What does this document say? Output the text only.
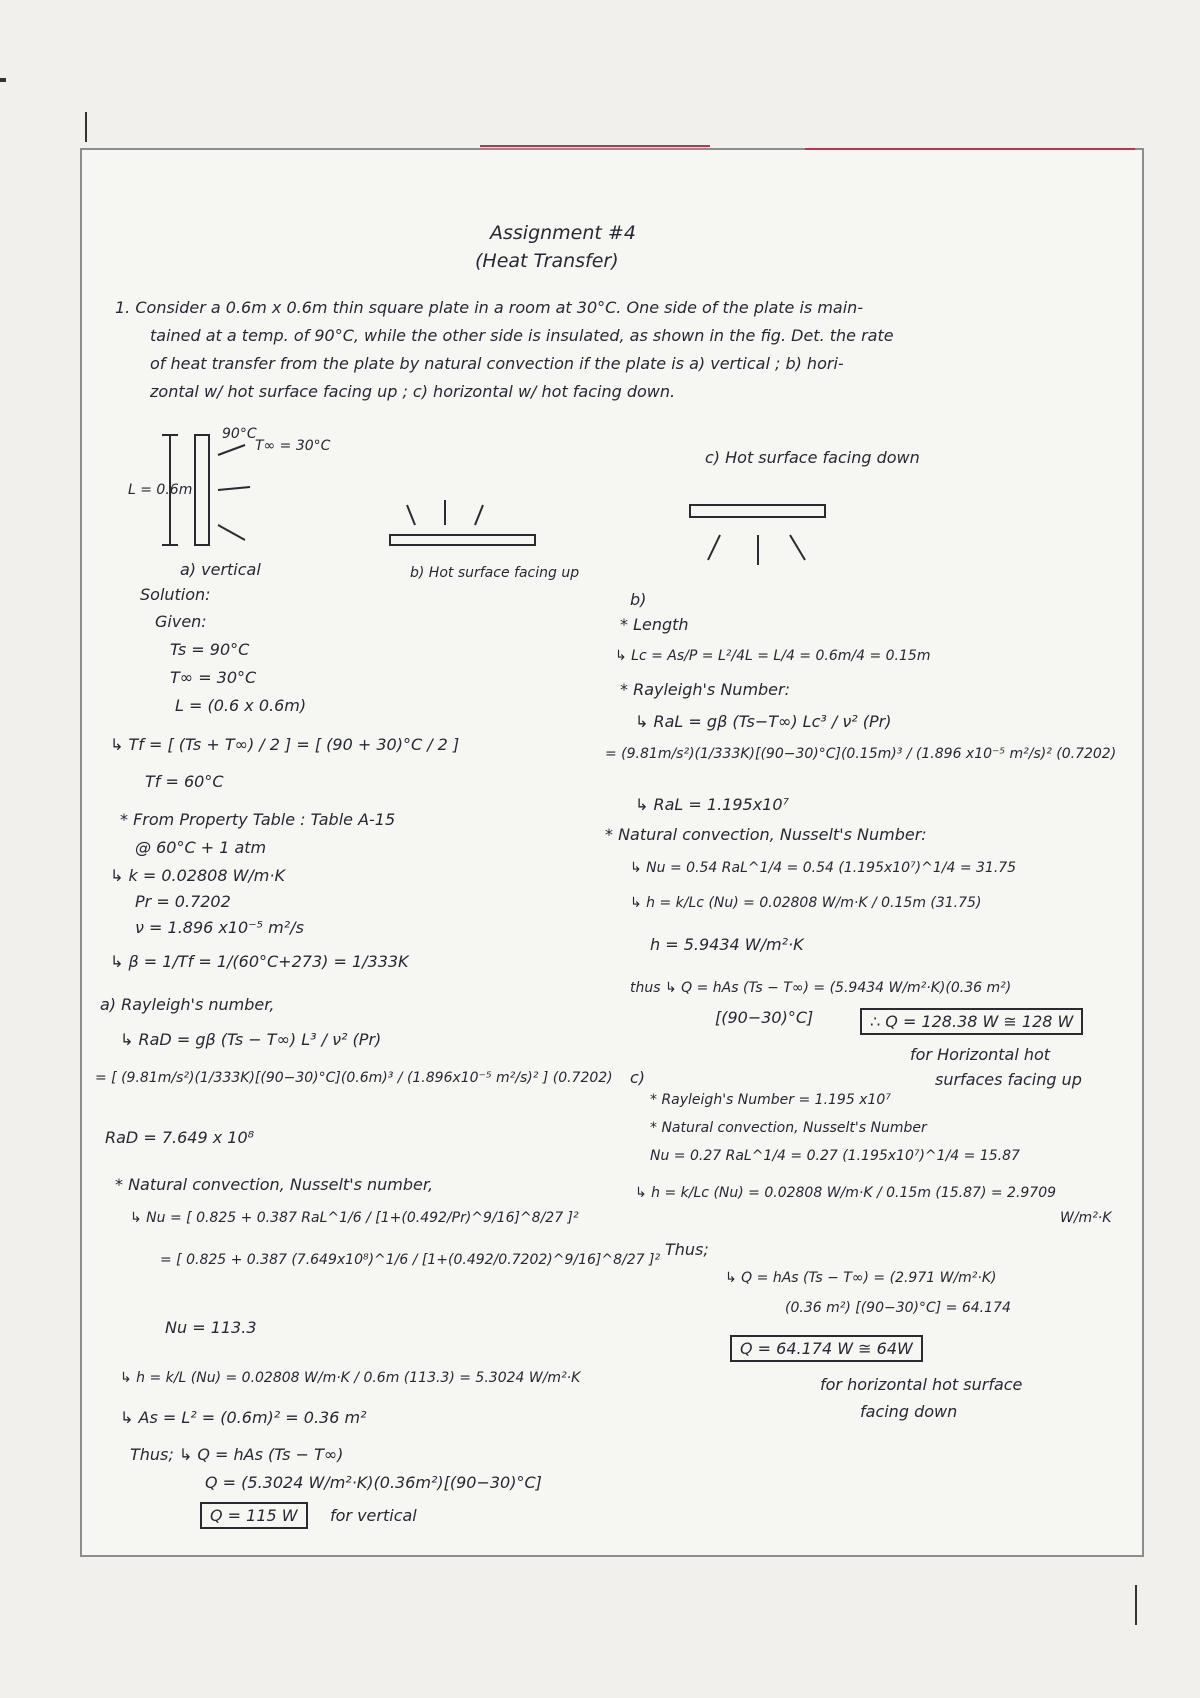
Assignment #4
(Heat Transfer)
1. Consider a 0.6m x 0.6m thin square plate in a room at 30°C. One side of the plate is main-
tained at a temp. of 90°C, while the other side is insulated, as shown in the fig. Det. the rate
of heat transfer from the plate by natural convection if the plate is a) vertical ; b) hori-
zontal w/ hot surface facing up ; c) horizontal w/ hot facing down.
90°C
T∞ = 30°C
L = 0.6m
a) vertical	b) Hot surface facing up
c) Hot surface facing down
Solution:
Given:
Ts = 90°C
T∞ = 30°C
L = (0.6 x 0.6m)
↳ Tf = [ (Ts + T∞) / 2 ] = [ (90 + 30)°C / 2 ]
Tf = 60°C
* From Property Table : Table A-15
@ 60°C + 1 atm
↳ k = 0.02808 W/m·K
Pr = 0.7202
ν = 1.896 x10⁻⁵ m²/s
↳ β = 1/Tf = 1/(60°C+273) = 1/333K
a) Rayleigh's number,
↳ RaD = gβ (Ts − T∞) L³ / ν² (Pr)
= [ (9.81m/s²)(1/333K)[(90−30)°C](0.6m)³ / (1.896x10⁻⁵ m²/s)² ] (0.7202)
RaD = 7.649 x 10⁸
* Natural convection, Nusselt's number,
↳ Nu = [ 0.825 + 0.387 RaL^1/6 / [1+(0.492/Pr)^9/16]^8/27 ]²
= [ 0.825 + 0.387 (7.649x10⁸)^1/6 / [1+(0.492/0.7202)^9/16]^8/27 ]²
Nu = 113.3
↳ h = k/L (Nu) = 0.02808 W/m·K / 0.6m (113.3) = 5.3024 W/m²·K
↳ As = L² = (0.6m)² = 0.36 m²
Thus; ↳ Q = hAs (Ts − T∞)
Q = (5.3024 W/m²·K)(0.36m²)[(90−30)°C]
Q = 115 W	for vertical
b)
* Length
↳ Lc = As/P = L²/4L = L/4 = 0.6m/4 = 0.15m
* Rayleigh's Number:
↳ RaL = gβ (Ts−T∞) Lc³ / ν² (Pr)
= (9.81m/s²)(1/333K)[(90−30)°C](0.15m)³ / (1.896 x10⁻⁵ m²/s)² (0.7202)
↳ RaL = 1.195x10⁷
* Natural convection, Nusselt's Number:
↳ Nu = 0.54 RaL^1/4 = 0.54 (1.195x10⁷)^1/4 = 31.75
↳ h = k/Lc (Nu) = 0.02808 W/m·K / 0.15m (31.75)
h = 5.9434 W/m²·K
thus ↳ Q = hAs (Ts − T∞) = (5.9434 W/m²·K)(0.36 m²)
[(90−30)°C]	∴ Q = 128.38 W ≅ 128 W
for Horizontal hot
surfaces facing up
c)
* Rayleigh's Number = 1.195 x10⁷
* Natural convection, Nusselt's Number
Nu = 0.27 RaL^1/4 = 0.27 (1.195x10⁷)^1/4 = 15.87
↳ h = k/Lc (Nu) = 0.02808 W/m·K / 0.15m (15.87) = 2.9709
W/m²·K
Thus;
↳ Q = hAs (Ts − T∞) = (2.971 W/m²·K)
(0.36 m²) [(90−30)°C] = 64.174
Q = 64.174 W ≅ 64W
for horizontal hot surface
facing down
